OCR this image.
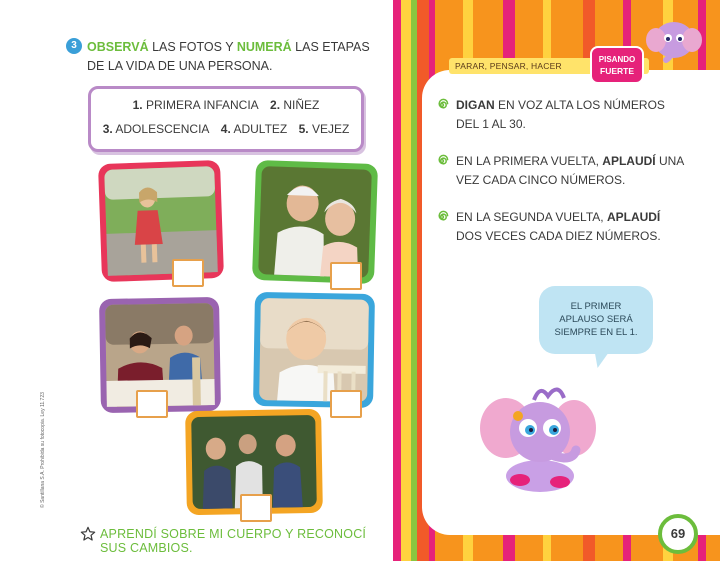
3 OBSERVÁ LAS FOTOS Y NUMERÁ LAS ETAPAS DE LA VIDA DE UNA PERSONA.
1. PRIMERA INFANCIA 2. NIÑEZ
3. ADOLESCENCIA 4. ADULTEZ 5. VEJEZ
© Santillana S.A. Prohibida su fotocopia. Ley 11.723
APRENDÍ SOBRE MI CUERPO Y RECONOCÍ SUS CAMBIOS.
PARAR, PENSAR, HACER
PISANDO
FUERTE
DIGAN EN VOZ ALTA LOS NÚMEROS DEL 1 AL 30.
EN LA PRIMERA VUELTA, APLAUDÍ UNA VEZ CADA CINCO NÚMEROS.
EN LA SEGUNDA VUELTA, APLAUDÍ DOS VECES CADA DIEZ NÚMEROS.
EL PRIMER
APLAUSO SERÁ
SIEMPRE EN EL 1.
69
